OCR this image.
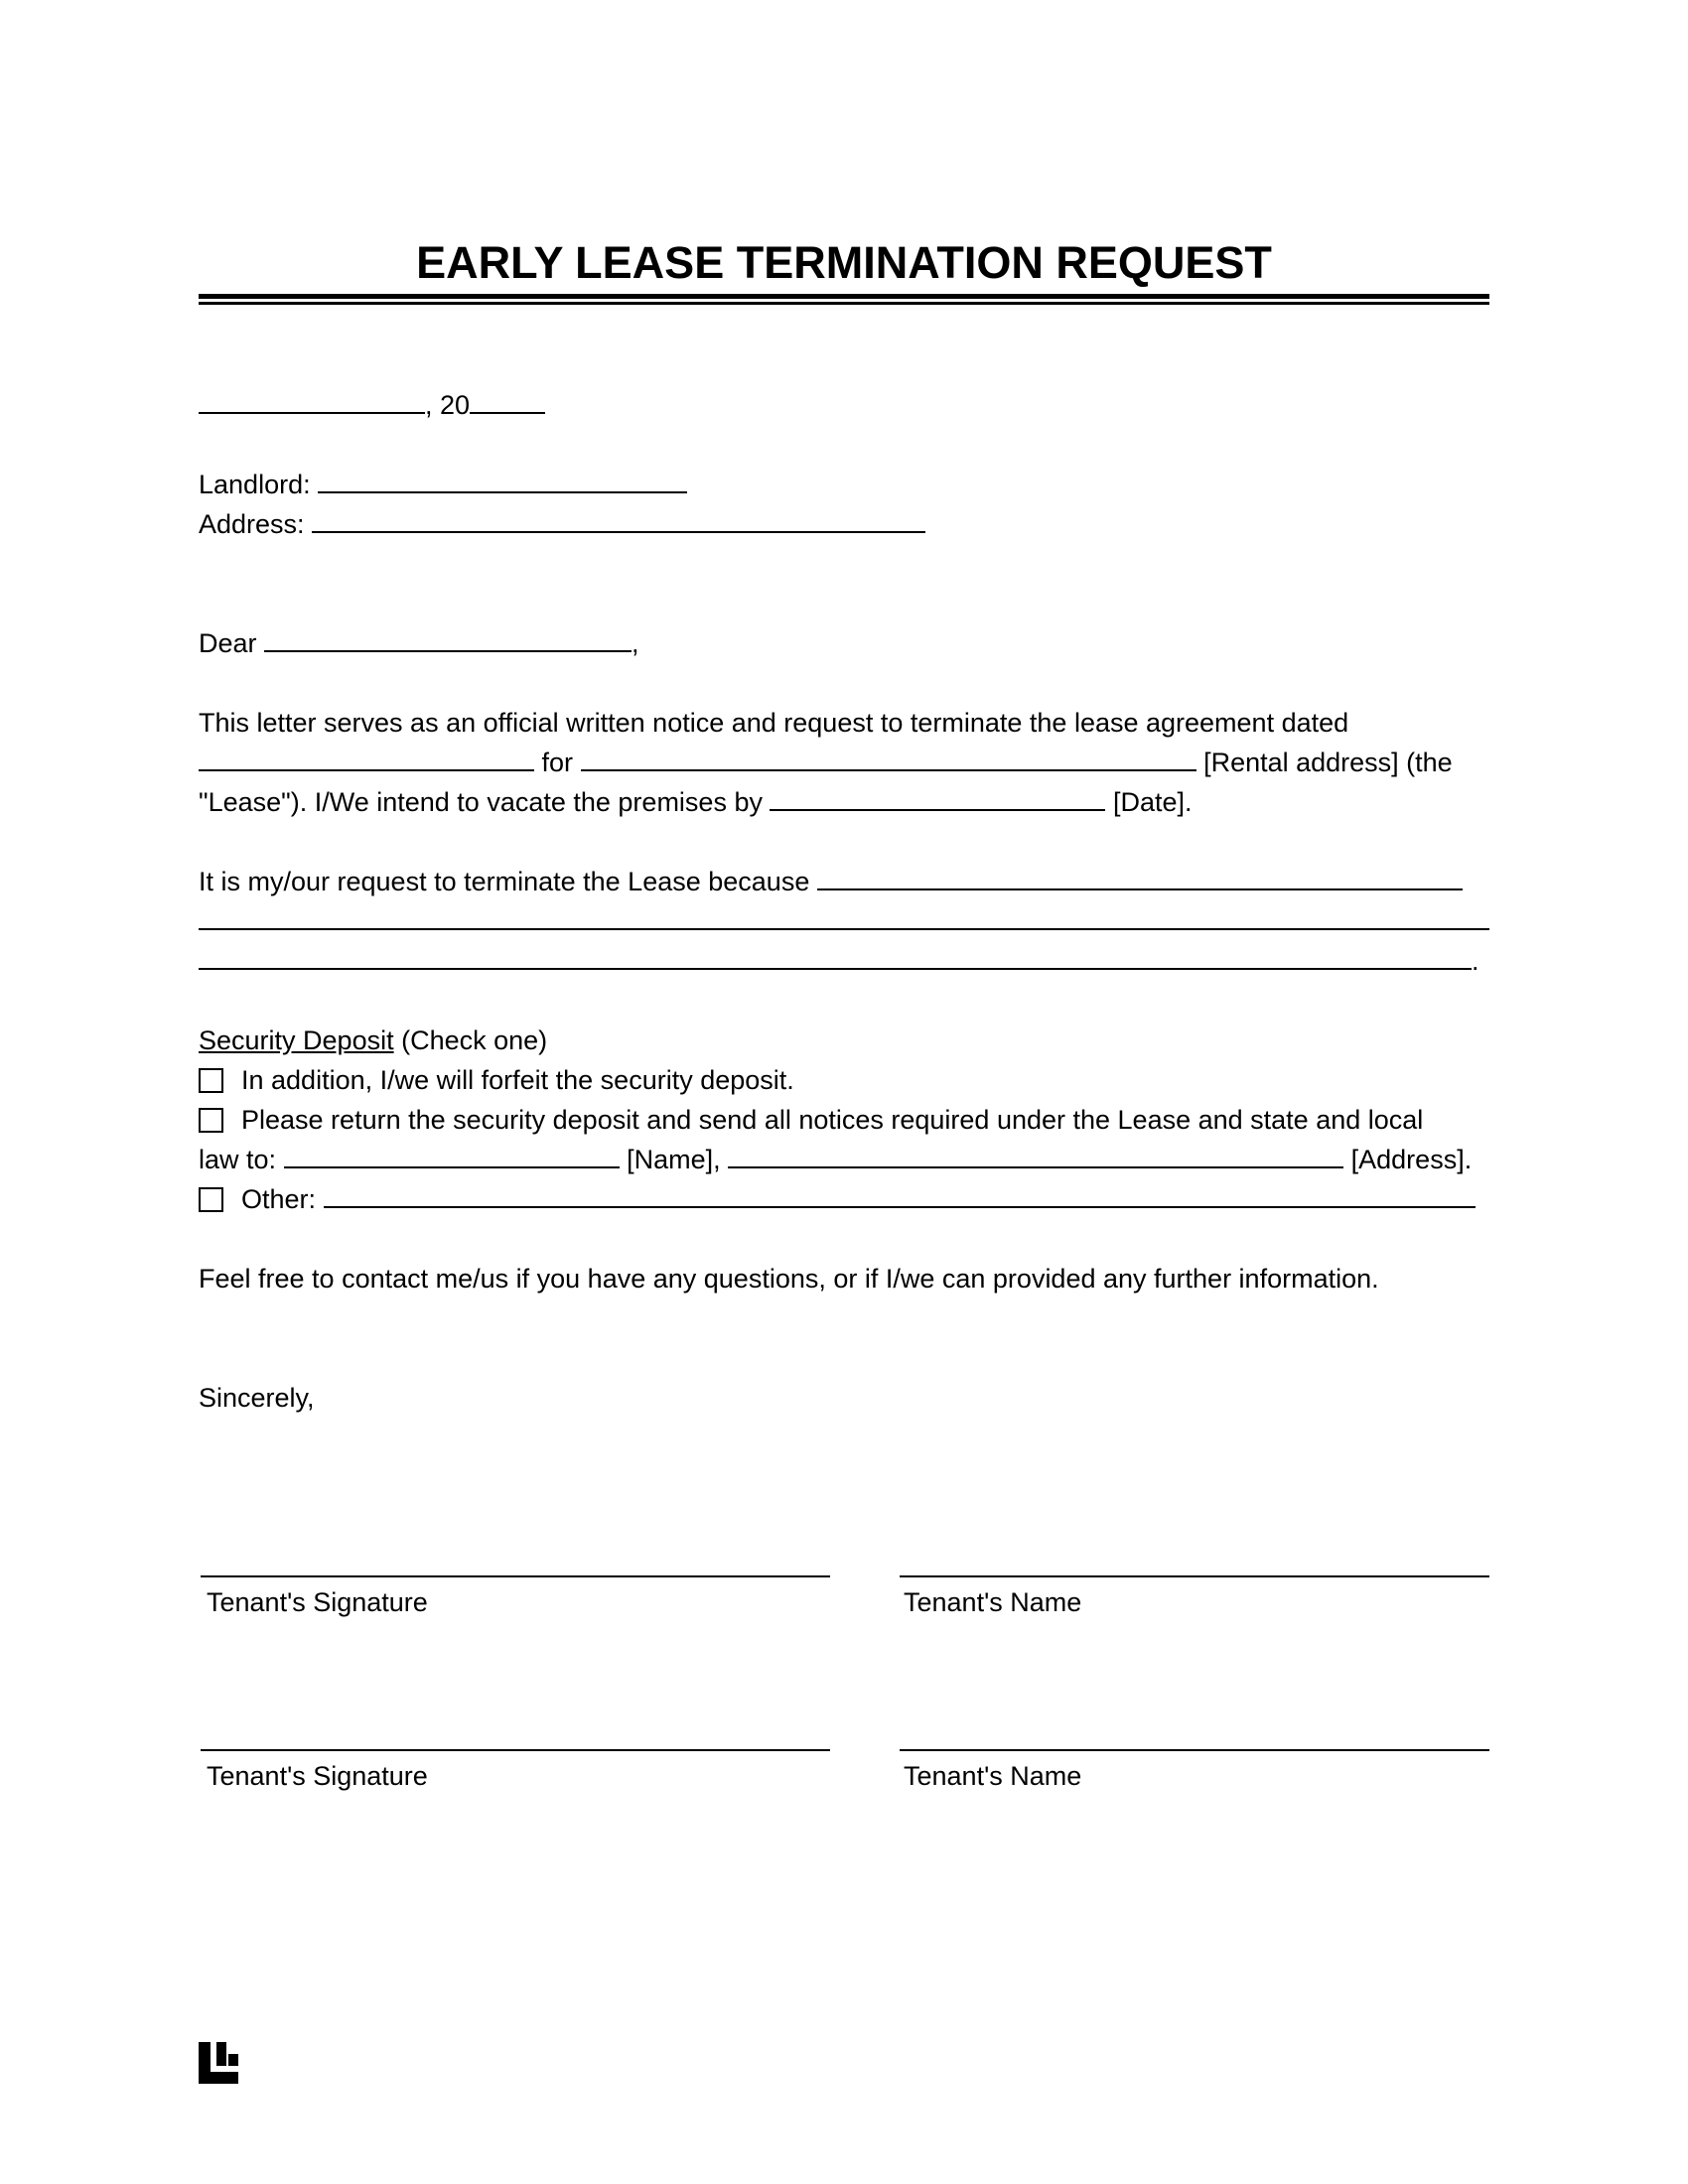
EARLY LEASE TERMINATION REQUEST
, 20
Landlord:
Address:
Dear	,
This letter serves as an official written notice and request to terminate the lease agreement dated
for	[Rental address] (the
"Lease"). I/We intend to vacate the premises by	[Date].
It is my/our request to terminate the Lease because
.
Security Deposit (Check one)
In addition, I/we will forfeit the security deposit.
Please return the security deposit and send all notices required under the Lease and state and local
law to:	[Name],	[Address].
Other:
Feel free to contact me/us if you have any questions, or if I/we can provided any further information.
Sincerely,
Tenant's Signature	Tenant's Name
Tenant's Signature	Tenant's Name
